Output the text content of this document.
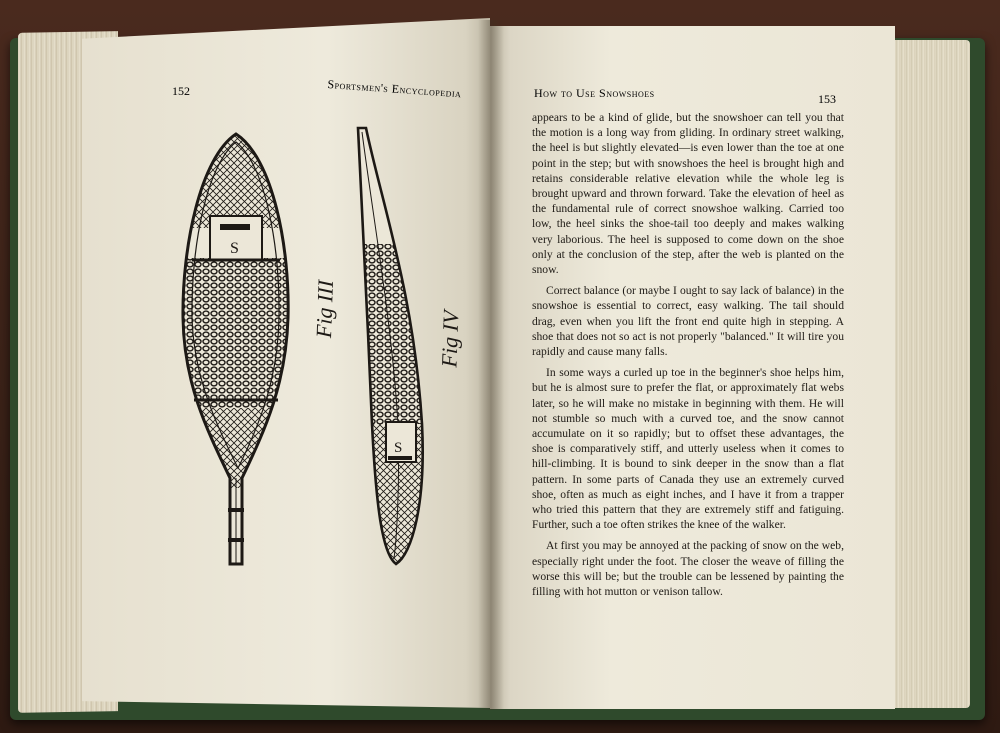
152	Sportsmen's Encyclopedia
S
Fig III
S
Fig IV
How to Use Snowshoes	153

appears to be a kind of glide, but the snowshoer can tell you that the motion is a long way from gliding. In ordinary street walking, the heel is but slightly elevated—is even lower than the toe at one point in the step; but with snowshoes the heel is brought high and retains considerable relative elevation while the whole leg is brought upward and thrown forward. Take the elevation of heel as the fundamental rule of correct snowshoe walking. Carried too low, the heel sinks the shoe-tail too deeply and makes walking very laborious. The heel is supposed to come down on the shoe only at the conclusion of the step, after the web is planted on the snow.

Correct balance (or maybe I ought to say lack of balance) in the snowshoe is essential to correct, easy walking. The tail should drag, even when you lift the front end quite high in stepping. A shoe that does not so act is not properly "balanced." It will tire you rapidly and cause many falls.

In some ways a curled up toe in the beginner's shoe helps him, but he is almost sure to prefer the flat, or approximately flat webs later, so he will make no mistake in beginning with them. He will not stumble so much with a curved toe, and the snow cannot accumulate on it so rapidly; but to offset these advantages, the shoe is comparatively stiff, and utterly useless when it comes to hill-climbing. It is bound to sink deeper in the snow than a flat pattern. In some parts of Canada they use an extremely curved shoe, often as much as eight inches, and I have it from a trapper who tried this pattern that they are extremely stiff and fatiguing. Further, such a toe often strikes the knee of the walker.

At first you may be annoyed at the packing of snow on the web, especially right under the foot. The closer the weave of filling the worse this will be; but the trouble can be lessened by painting the filling with hot mutton or venison tallow.
